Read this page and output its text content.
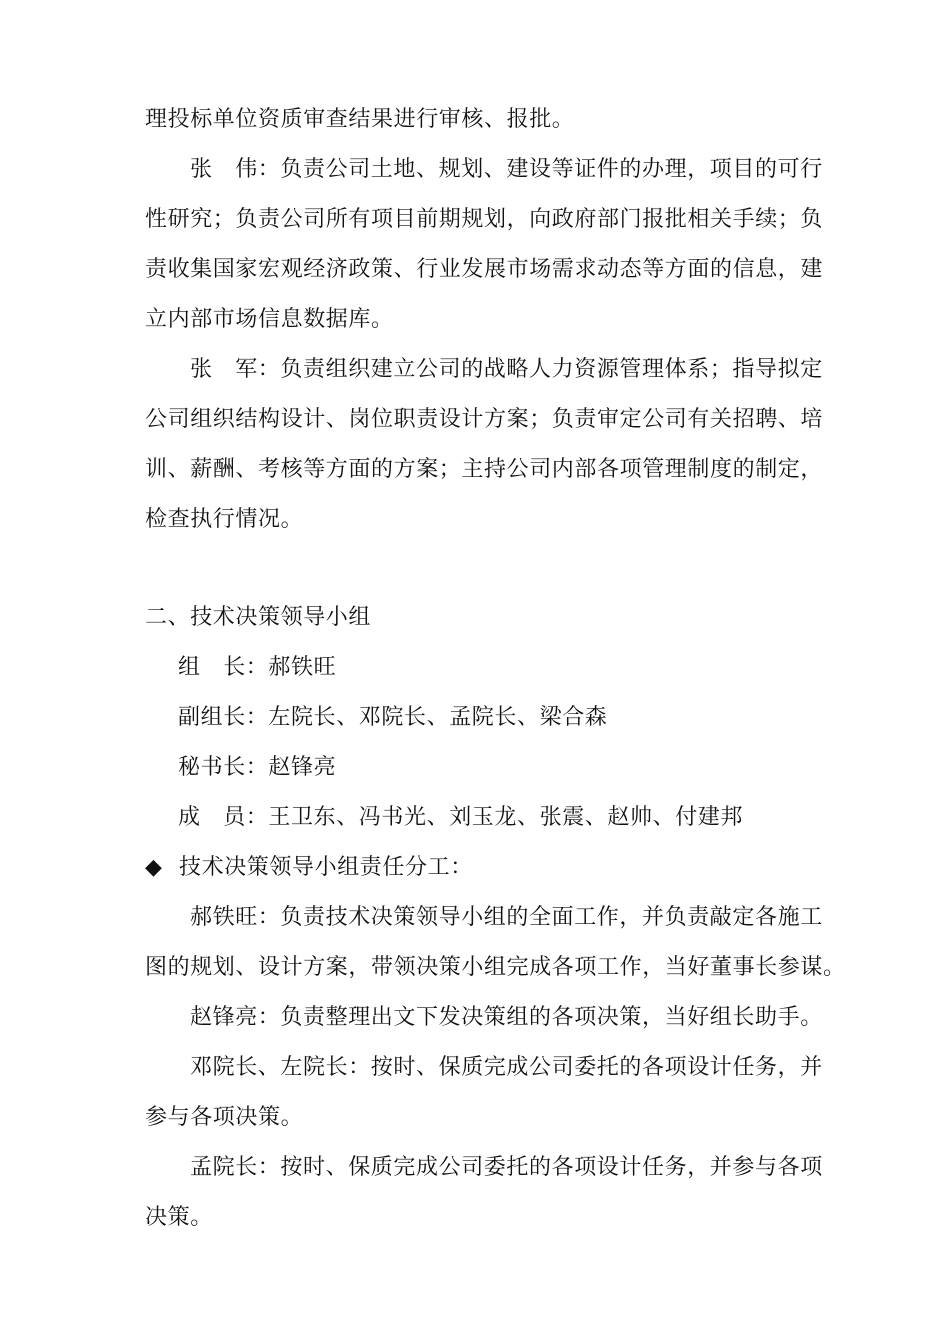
理投标单位资质审查结果进行审核、报批。
张　伟：负责公司土地、规划、建设等证件的办理，项目的可行
性研究；负责公司所有项目前期规划，向政府部门报批相关手续；负
责收集国家宏观经济政策、行业发展市场需求动态等方面的信息，建
立内部市场信息数据库。
张　军：负责组织建立公司的战略人力资源管理体系；指导拟定
公司组织结构设计、岗位职责设计方案；负责审定公司有关招聘、培
训、薪酬、考核等方面的方案；主持公司内部各项管理制度的制定，
检查执行情况。
二、技术决策领导小组
组　长：郝铁旺
副组长：左院长、邓院长、孟院长、梁合森
秘书长：赵锋亮
成　员：王卫东、冯书光、刘玉龙、张震、赵帅、付建邦
◆ 技术决策领导小组责任分工：
郝铁旺：负责技术决策领导小组的全面工作，并负责敲定各施工
图的规划、设计方案，带领决策小组完成各项工作，当好董事长参谋。
赵锋亮：负责整理出文下发决策组的各项决策，当好组长助手。
邓院长、左院长：按时、保质完成公司委托的各项设计任务，并
参与各项决策。
孟院长：按时、保质完成公司委托的各项设计任务，并参与各项
决策。
